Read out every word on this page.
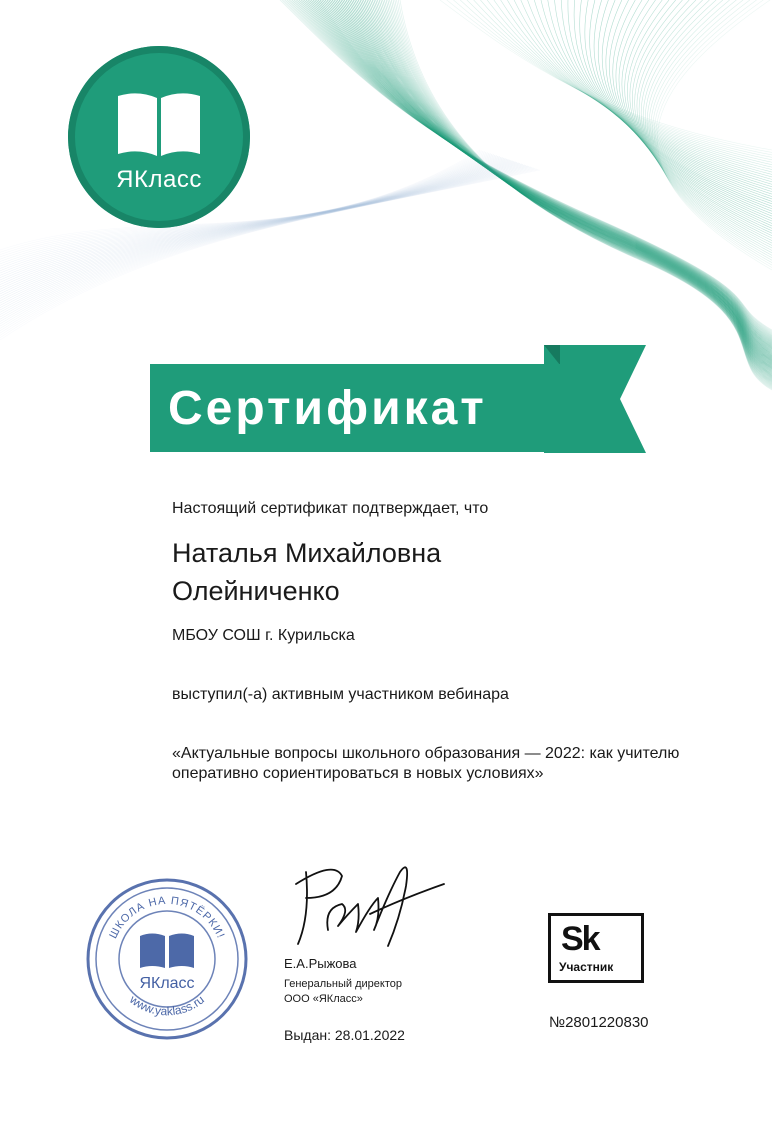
ЯКласс
Сертификат
Настоящий сертификат подтверждает, что
Наталья Михайловна Олейниченко
МБОУ СОШ г. Курильска
выступил(-а) активным участником вебинара
«Актуальные вопросы школьного образования — 2022: как учителю оперативно сориентироваться в новых условиях»
ШКОЛА НА ПЯТЁРКИ!
www.yaklass.ru
ЯКласс
Е.А.Рыжова
Генеральный директор
ООО «ЯКласс»
Выдан: 28.01.2022
Sk
Участник
№2801220830
